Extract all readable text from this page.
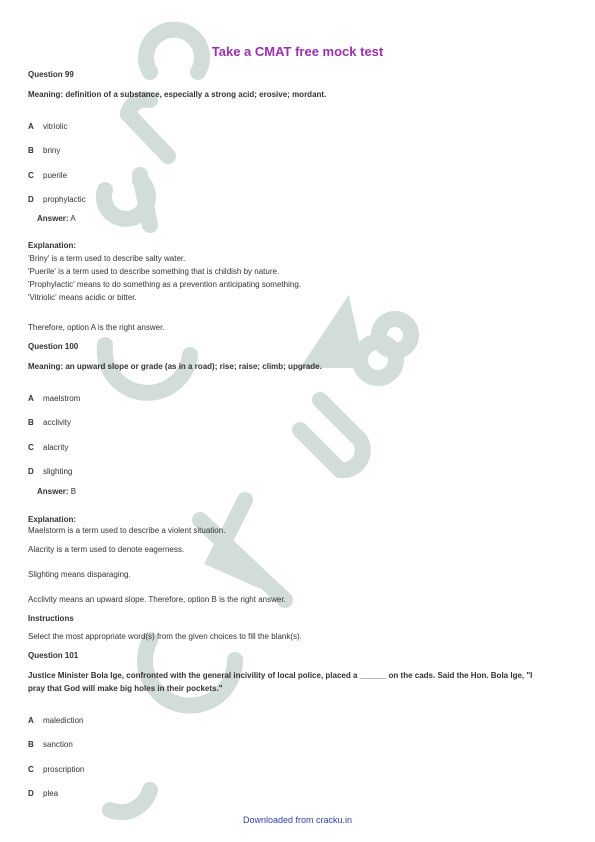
Take a CMAT free mock test
Question 99
Meaning: definition of a substance, especially a strong acid; erosive; mordant.
A vitriolic
B briny
C puerile
D prophylactic
Answer: A
Explanation:
'Briny' is a term used to describe salty water.
'Puerile' is a term used to describe something that is childish by nature.
'Prophylactic' means to do something as a prevention anticipating something.
'Vitriolic' means acidic or bitter.
Therefore, option A is the right answer.
Question 100
Meaning: an upward slope or grade (as in a road); rise; raise; climb; upgrade.
A maelstrom
B acclivity
C alacrity
D slighting
Answer: B
Explanation:
Maelstorm is a term used to describe a violent situation.
Alacrity is a term used to denote eagerness.
Slighting means disparaging.
Acclivity means an upward slope. Therefore, option B is the right answer.
Instructions
Select the most appropriate word(s) from the given choices to fill the blank(s).
Question 101
Justice Minister Bola Ige, confronted with the general incivility of local police, placed a ______ on the cads. Said the Hon. Bola Ige, "I
pray that God will make big holes in their pockets."
A malediction
B sanction
C proscription
D plea
Downloaded from cracku.in
